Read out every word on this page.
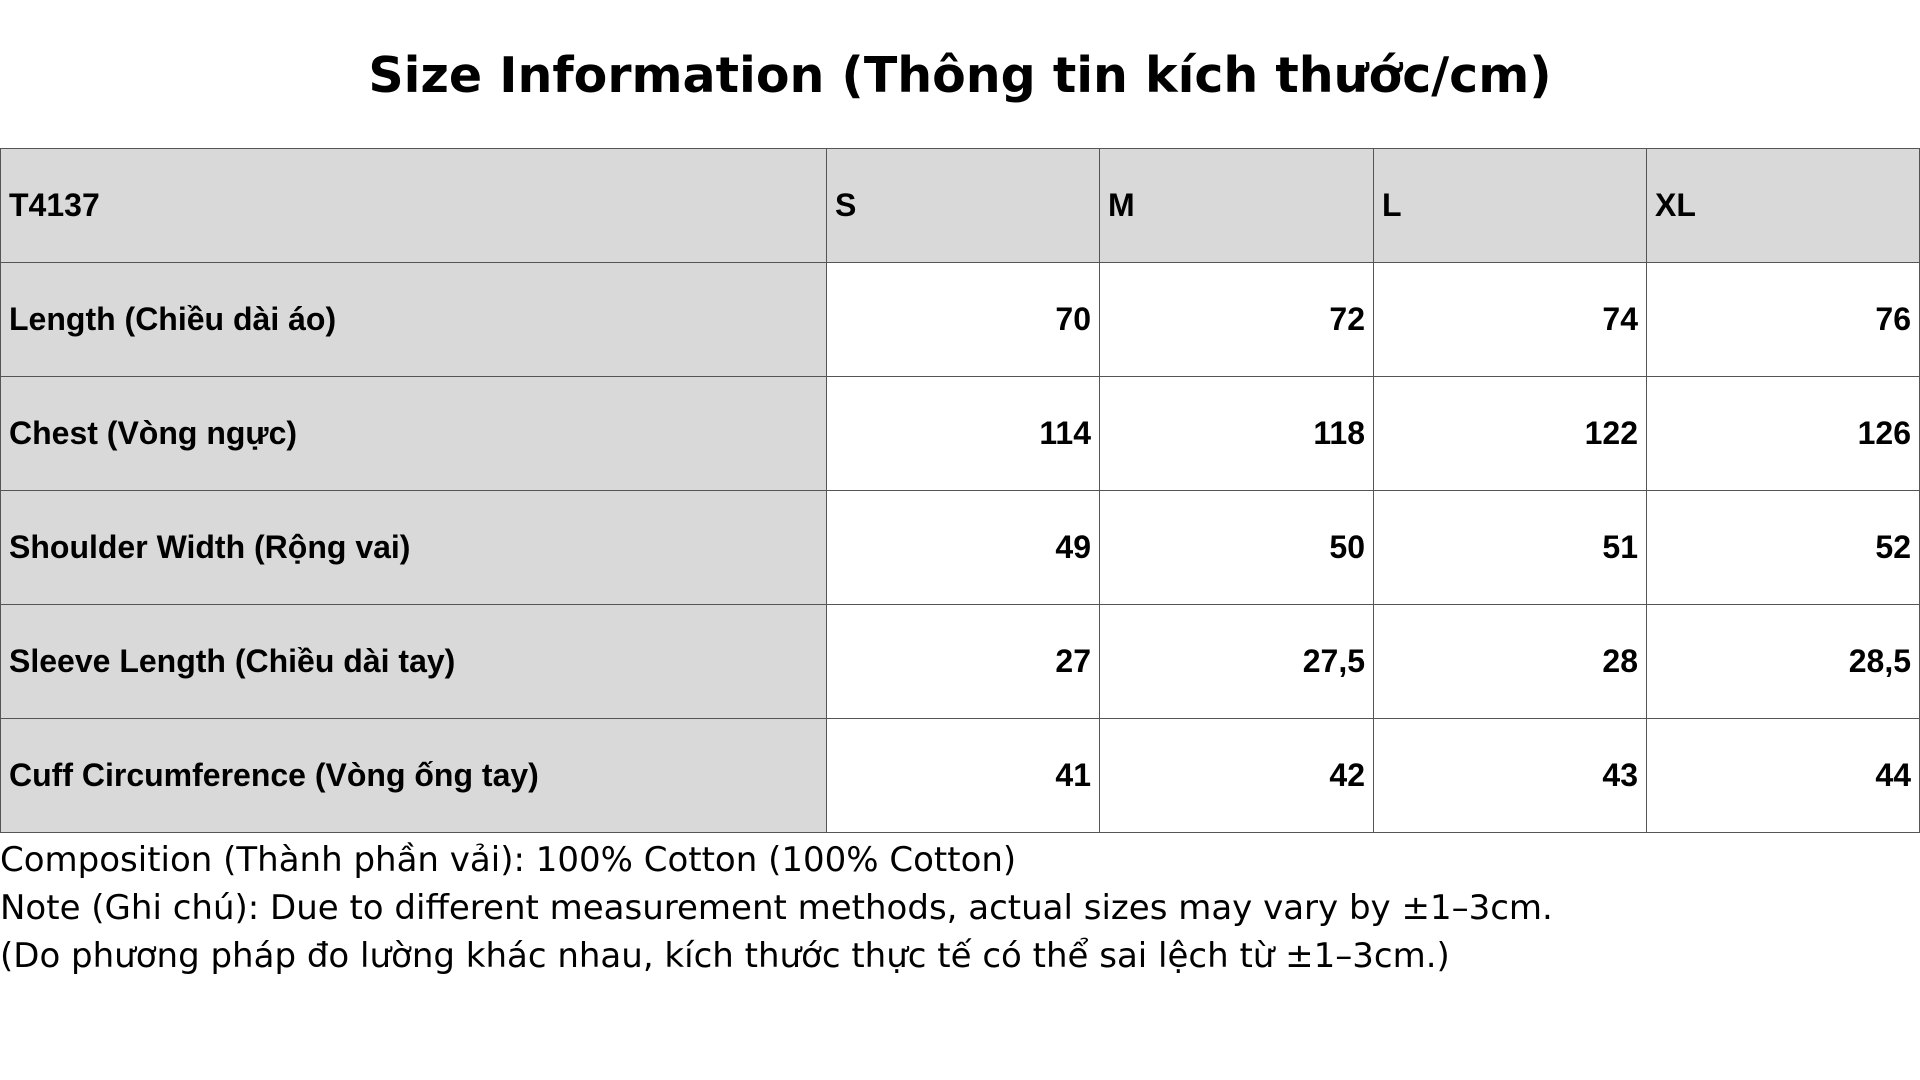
Size Information (Thông tin kích thước/cm)
T4137	S	M	L	XL
Length (Chiều dài áo)	70	72	74	76
Chest (Vòng ngực)	114	118	122	126
Shoulder Width (Rộng vai)	49	50	51	52
Sleeve Length (Chiều dài tay)	27	27,5	28	28,5
Cuff Circumference (Vòng ống tay)	41	42	43	44
Composition (Thành phần vải): 100% Cotton (100% Cotton)
Note (Ghi chú): Due to different measurement methods, actual sizes may vary by ±1–3cm.
(Do phương pháp đo lường khác nhau, kích thước thực tế có thể sai lệch từ ±1–3cm.)
